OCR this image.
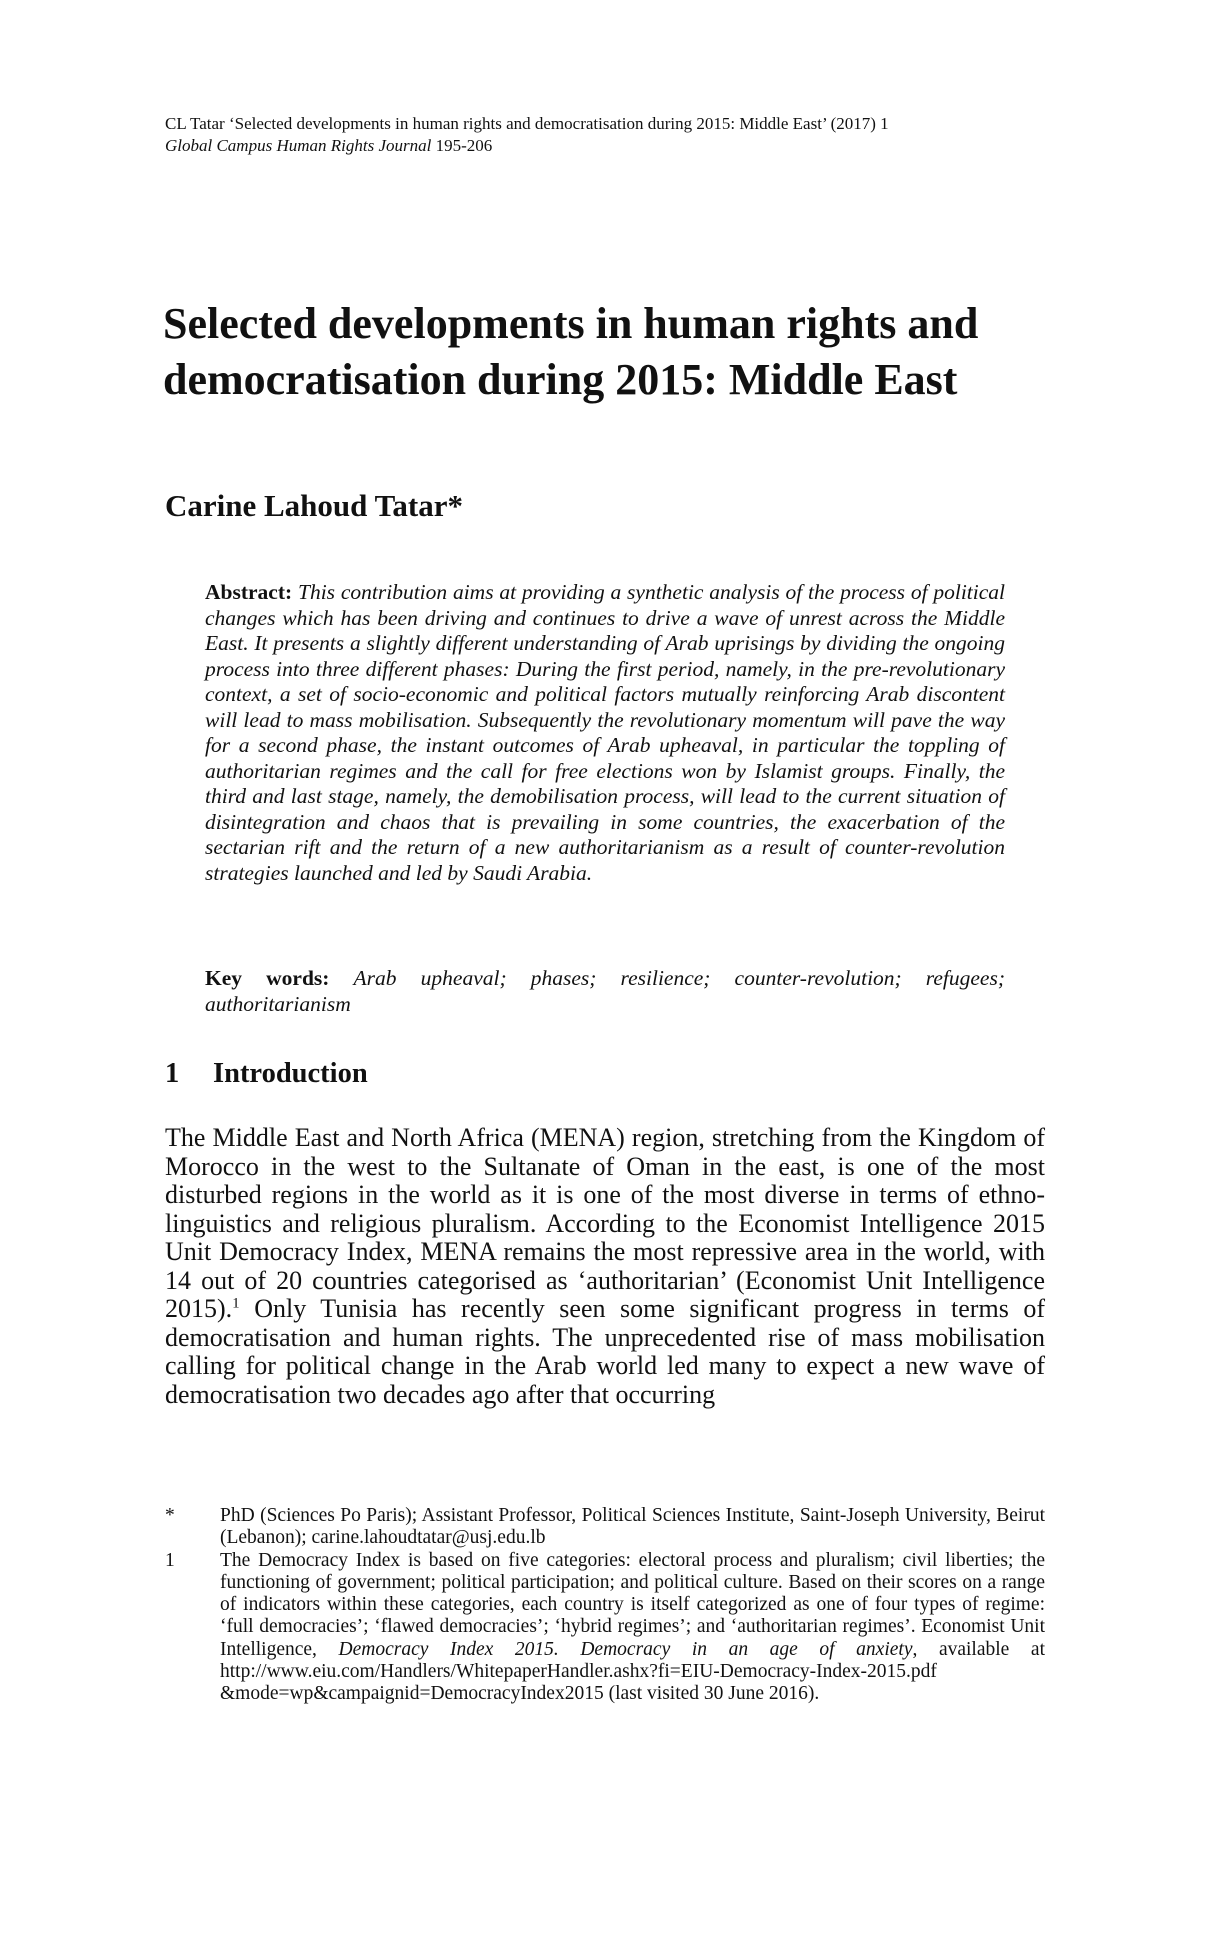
CL Tatar ‘Selected developments in human rights and democratisation during 2015: Middle East’ (2017) 1
Global Campus Human Rights Journal 195-206
Selected developments in human rights and democratisation during 2015: Middle East
Carine Lahoud Tatar*

Abstract: This contribution aims at providing a synthetic analysis of the process of political changes which has been driving and continues to drive a wave of unrest across the Middle East. It presents a slightly different understanding of Arab uprisings by dividing the ongoing process into three different phases: During the first period, namely, in the pre-revolutionary context, a set of socio-economic and political factors mutually reinforcing Arab discontent will lead to mass mobilisation. Subsequently the revolutionary momentum will pave the way for a second phase, the instant outcomes of Arab upheaval, in particular the toppling of authoritarian regimes and the call for free elections won by Islamist groups. Finally, the third and last stage, namely, the demobilisation process, will lead to the current situation of disintegration and chaos that is prevailing in some countries, the exacerbation of the sectarian rift and the return of a new authoritarianism as a result of counter-revolution strategies launched and led by Saudi Arabia.

Key words: Arab upheaval; phases; resilience; counter-revolution; refugees; authoritarianism

1 Introduction

The Middle East and North Africa (MENA) region, stretching from the Kingdom of Morocco in the west to the Sultanate of Oman in the east, is one of the most disturbed regions in the world as it is one of the most diverse in terms of ethno-linguistics and religious pluralism. According to the Economist Intelligence 2015 Unit Democracy Index, MENA remains the most repressive area in the world, with 14 out of 20 countries categorised as ‘authoritarian’ (Economist Unit Intelligence 2015).$^1$ Only Tunisia has recently seen some significant progress in terms of democratisation and human rights. The unprecedented rise of mass mobilisation calling for political change in the Arab world led many to expect a new wave of democratisation two decades ago after that occurring

* PhD (Sciences Po Paris); Assistant Professor, Political Sciences Institute, Saint-Joseph University, Beirut (Lebanon); carine.lahoudtatar@usj.edu.lb

1 The Democracy Index is based on five categories: electoral process and pluralism; civil liberties; the functioning of government; political participation; and political culture. Based on their scores on a range of indicators within these categories, each country is itself categorized as one of four types of regime: ‘full democracies’; ‘flawed democracies’; ‘hybrid regimes’; and ‘authoritarian regimes’. Economist Unit Intelligence, Democracy Index 2015. Democracy in an age of anxiety, available at http://www.eiu.com/Handlers/WhitepaperHandler.ashx?fi=EIU-Democracy-Index-2015.pdf &mode=wp&campaignid=DemocracyIndex2015 (last visited 30 June 2016).
